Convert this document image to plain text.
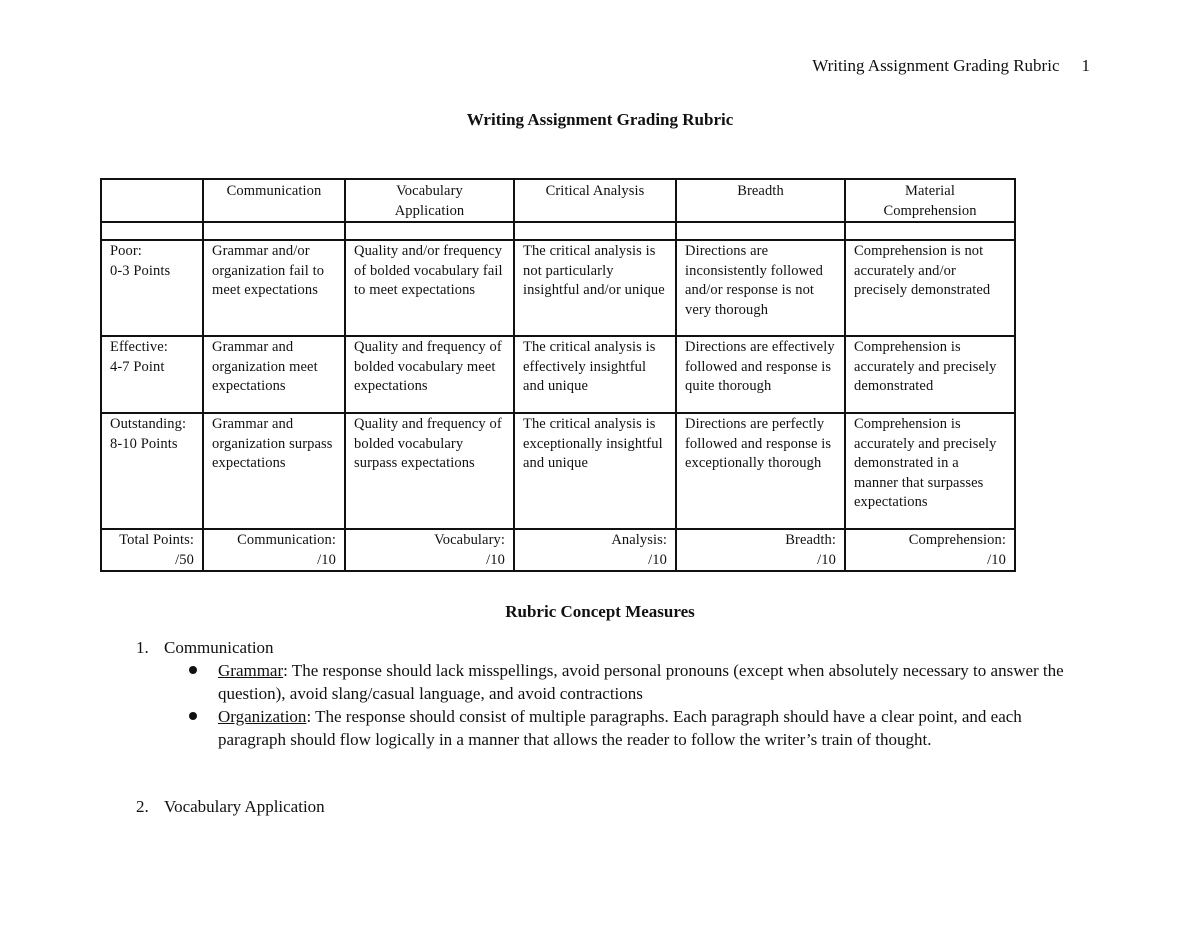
Writing Assignment Grading Rubric 1
Writing Assignment Grading Rubric
	Communication	Vocabulary Application	Critical Analysis	Breadth	Material Comprehension

Poor:
0-3 Points	Grammar and/or organization fail to meet expectations	Quality and/or frequency of bolded vocabulary fail to meet expectations	The critical analysis is not particularly insightful and/or unique	Directions are inconsistently followed and/or response is not very thorough	Comprehension is not accurately and/or precisely demonstrated

Effective:
4-7 Point	Grammar and organization meet expectations	Quality and frequency of bolded vocabulary meet expectations	The critical analysis is effectively insightful and unique	Directions are effectively followed and response is quite thorough	Comprehension is accurately and precisely demonstrated

Outstanding:
8-10 Points	Grammar and organization surpass expectations	Quality and frequency of bolded vocabulary surpass expectations	The critical analysis is exceptionally insightful and unique	Directions are perfectly followed and response is exceptionally thorough	Comprehension is accurately and precisely demonstrated in a manner that surpasses expectations

Total Points:
/50	Communication:
/10	Vocabulary:
/10	Analysis:
/10	Breadth:
/10	Comprehension:
/10
Rubric Concept Measures
1. Communication
Grammar: The response should lack misspellings, avoid personal pronouns (except when absolutely necessary to answer the question), avoid slang/casual language, and avoid contractions
Organization: The response should consist of multiple paragraphs. Each paragraph should have a clear point, and each paragraph should flow logically in a manner that allows the reader to follow the writer’s train of thought.
2. Vocabulary Application
